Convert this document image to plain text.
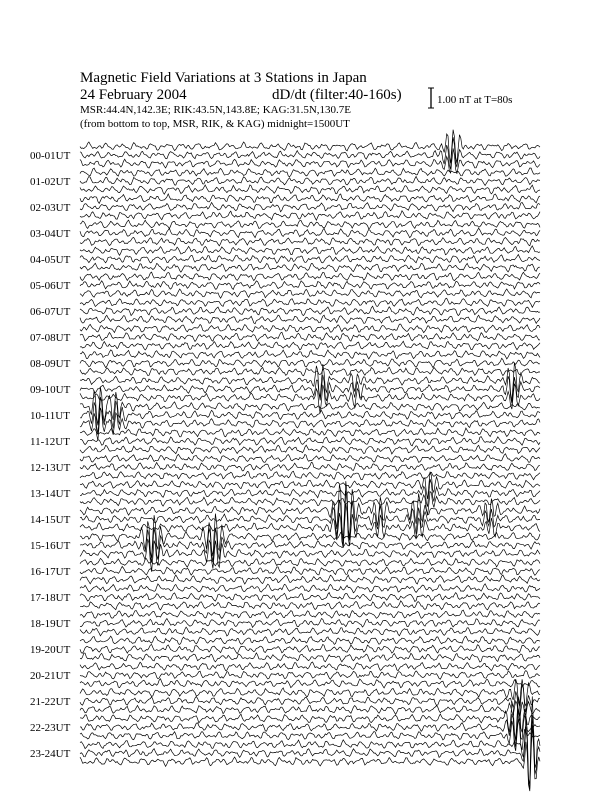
Magnetic Field Variations at 3 Stations in Japan
24 February 2004	dD/dt (filter:40-160s)
MSR:44.4N,142.3E; RIK:43.5N,143.8E; KAG:31.5N,130.7E
(from bottom to top, MSR, RIK, & KAG) midnight=1500UT
1.00 nT at T=80s
00-01UT
01-02UT
02-03UT
03-04UT
04-05UT
05-06UT
06-07UT
07-08UT
08-09UT
09-10UT
10-11UT
11-12UT
12-13UT
13-14UT
14-15UT
15-16UT
16-17UT
17-18UT
18-19UT
19-20UT
20-21UT
21-22UT
22-23UT
23-24UT
